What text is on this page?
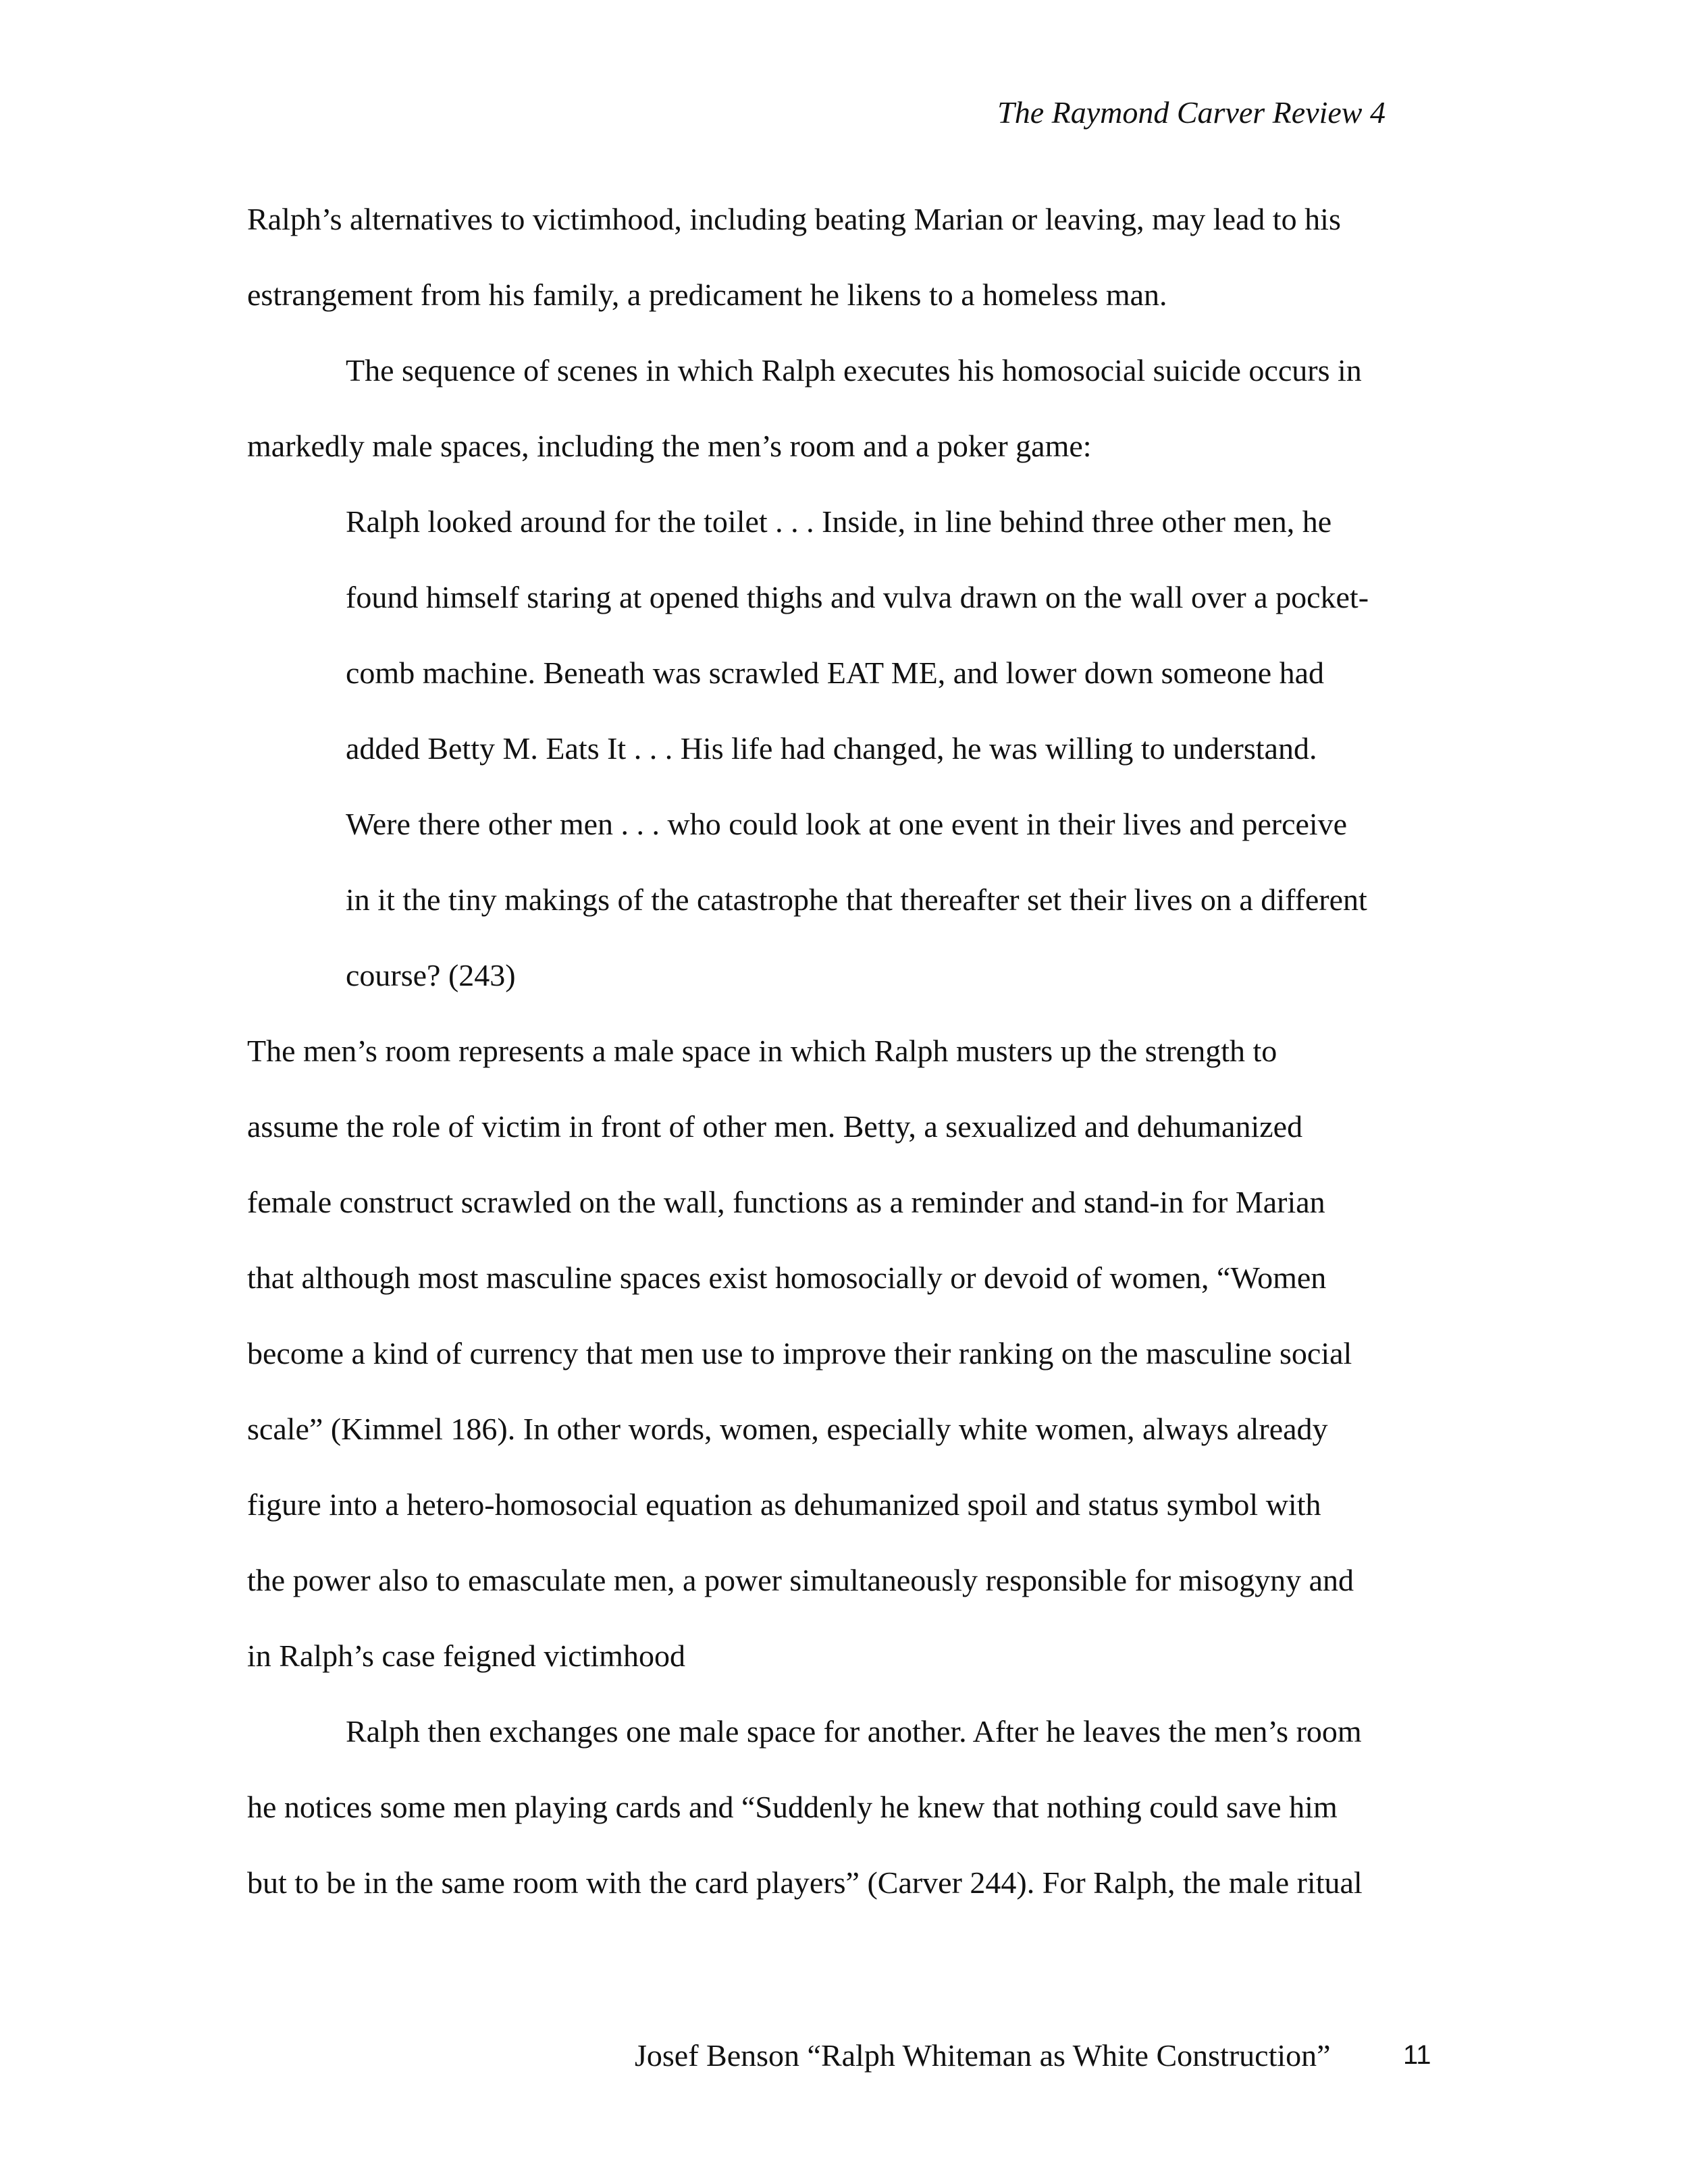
The Raymond Carver Review 4
Ralph’s alternatives to victimhood, including beating Marian or leaving, may lead to his
estrangement from his family, a predicament he likens to a homeless man.
The sequence of scenes in which Ralph executes his homosocial suicide occurs in
markedly male spaces, including the men’s room and a poker game:
Ralph looked around for the toilet . . . Inside, in line behind three other men, he
found himself staring at opened thighs and vulva drawn on the wall over a pocket-
comb machine. Beneath was scrawled EAT ME, and lower down someone had
added Betty M. Eats It . . . His life had changed, he was willing to understand.
Were there other men . . . who could look at one event in their lives and perceive
in it the tiny makings of the catastrophe that thereafter set their lives on a different
course? (243)
The men’s room represents a male space in which Ralph musters up the strength to
assume the role of victim in front of other men. Betty, a sexualized and dehumanized
female construct scrawled on the wall, functions as a reminder and stand-in for Marian
that although most masculine spaces exist homosocially or devoid of women, “Women
become a kind of currency that men use to improve their ranking on the masculine social
scale” (Kimmel 186). In other words, women, especially white women, always already
figure into a hetero-homosocial equation as dehumanized spoil and status symbol with
the power also to emasculate men, a power simultaneously responsible for misogyny and
in Ralph’s case feigned victimhood
Ralph then exchanges one male space for another. After he leaves the men’s room
he notices some men playing cards and “Suddenly he knew that nothing could save him
but to be in the same room with the card players” (Carver 244). For Ralph, the male ritual
Josef Benson “Ralph Whiteman as White Construction”	11
